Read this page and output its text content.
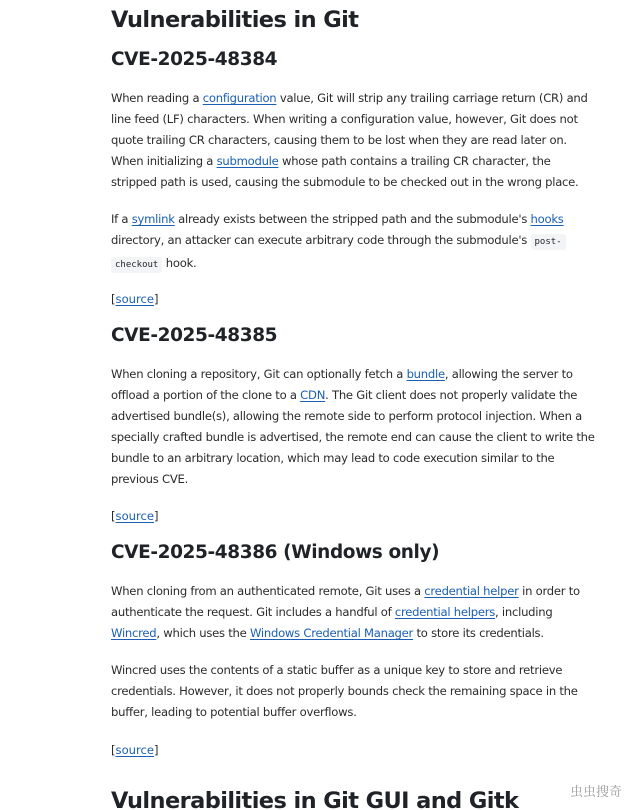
Vulnerabilities in Git
CVE-2025-48384

When reading a configuration value, Git will strip any trailing carriage return (CR) and
line feed (LF) characters. When writing a configuration value, however, Git does not
quote trailing CR characters, causing them to be lost when they are read later on.
When initializing a submodule whose path contains a trailing CR character, the
stripped path is used, causing the submodule to be checked out in the wrong place.

If a symlink already exists between the stripped path and the submodule's hooks
directory, an attacker can execute arbitrary code through the submodule's post-
checkout hook.

[source]
CVE-2025-48385

When cloning a repository, Git can optionally fetch a bundle, allowing the server to
offload a portion of the clone to a CDN. The Git client does not properly validate the
advertised bundle(s), allowing the remote side to perform protocol injection. When a
specially crafted bundle is advertised, the remote end can cause the client to write the
bundle to an arbitrary location, which may lead to code execution similar to the
previous CVE.

[source]
CVE-2025-48386 (Windows only)

When cloning from an authenticated remote, Git uses a credential helper in order to
authenticate the request. Git includes a handful of credential helpers, including
Wincred, which uses the Windows Credential Manager to store its credentials.

Wincred uses the contents of a static buffer as a unique key to store and retrieve
credentials. However, it does not properly bounds check the remaining space in the
buffer, leading to potential buffer overflows.

[source]
Vulnerabilities in Git GUI and Gitk	虫虫搜奇
